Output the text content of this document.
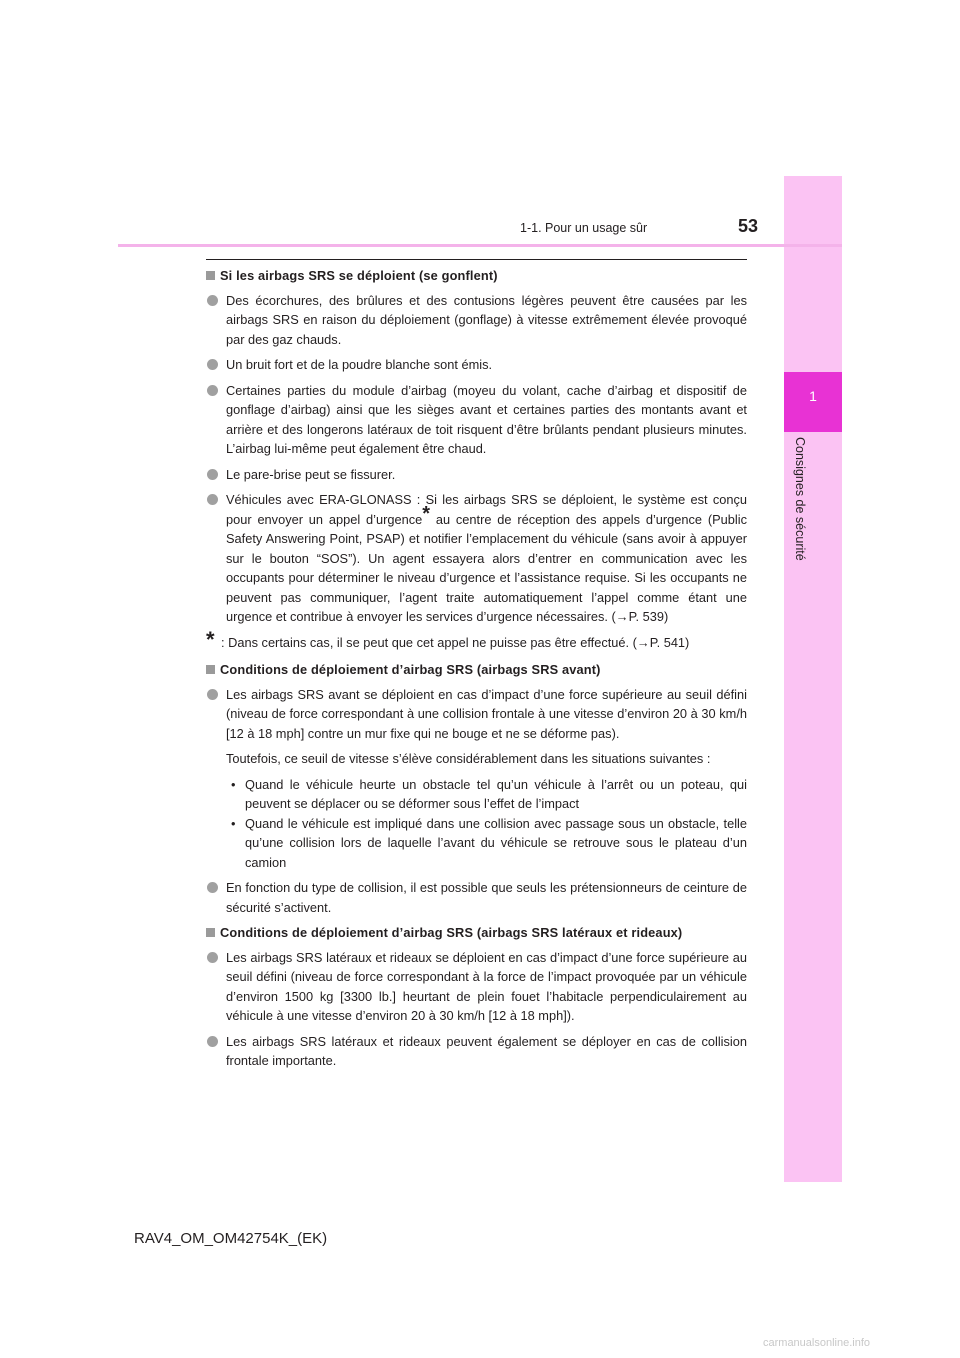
1
Consignes de sécurité
53
1-1. Pour un usage sûr
Si les airbags SRS se déploient (se gonflent)
Des écorchures, des brûlures et des contusions légères peuvent être causées par les airbags SRS en raison du déploiement (gonflage) à vitesse extrêmement élevée provoqué par des gaz chauds.
Un bruit fort et de la poudre blanche sont émis.
Certaines parties du module d’airbag (moyeu du volant, cache d’airbag et dispositif de gonflage d’airbag) ainsi que les sièges avant et certaines parties des montants avant et arrière et des longerons latéraux de toit risquent d’être brûlants pendant plusieurs minutes. L’airbag lui-même peut également être chaud.
Le pare-brise peut se fissurer.
Véhicules avec ERA-GLONASS : Si les airbags SRS se déploient, le système est conçu pour envoyer un appel d’urgence* au centre de réception des appels d’urgence (Public Safety Answering Point, PSAP) et notifier l’emplacement du véhicule (sans avoir à appuyer sur le bouton “SOS”). Un agent essayera alors d’entrer en communication avec les occupants pour déterminer le niveau d’urgence et l’assistance requise. Si les occupants ne peuvent pas communiquer, l’agent traite automatiquement l’appel comme étant une urgence et contribue à envoyer les services d’urgence nécessaires. (→P. 539)
* : Dans certains cas, il se peut que cet appel ne puisse pas être effectué. (→P. 541)
Conditions de déploiement d’airbag SRS (airbags SRS avant)
Les airbags SRS avant se déploient en cas d’impact d’une force supérieure au seuil défini (niveau de force correspondant à une collision frontale à une vitesse d’environ 20 à 30 km/h [12 à 18 mph] contre un mur fixe qui ne bouge et ne se déforme pas).
Toutefois, ce seuil de vitesse s’élève considérablement dans les situations suivantes :
• Quand le véhicule heurte un obstacle tel qu’un véhicule à l’arrêt ou un poteau, qui peuvent se déplacer ou se déformer sous l’effet de l’impact
• Quand le véhicule est impliqué dans une collision avec passage sous un obstacle, telle qu’une collision lors de laquelle l’avant du véhicule se retrouve sous le plateau d’un camion
En fonction du type de collision, il est possible que seuls les prétensionneurs de ceinture de sécurité s’activent.
Conditions de déploiement d’airbag SRS (airbags SRS latéraux et rideaux)
Les airbags SRS latéraux et rideaux se déploient en cas d’impact d’une force supérieure au seuil défini (niveau de force correspondant à la force de l’impact provoquée par un véhicule d’environ 1500 kg [3300 lb.] heurtant de plein fouet l’habitacle perpendiculairement au véhicule à une vitesse d’environ 20 à 30 km/h [12 à 18 mph]).
Les airbags SRS latéraux et rideaux peuvent également se déployer en cas de collision frontale importante.
RAV4_OM_OM42754K_(EK)
carmanualsonline.info
